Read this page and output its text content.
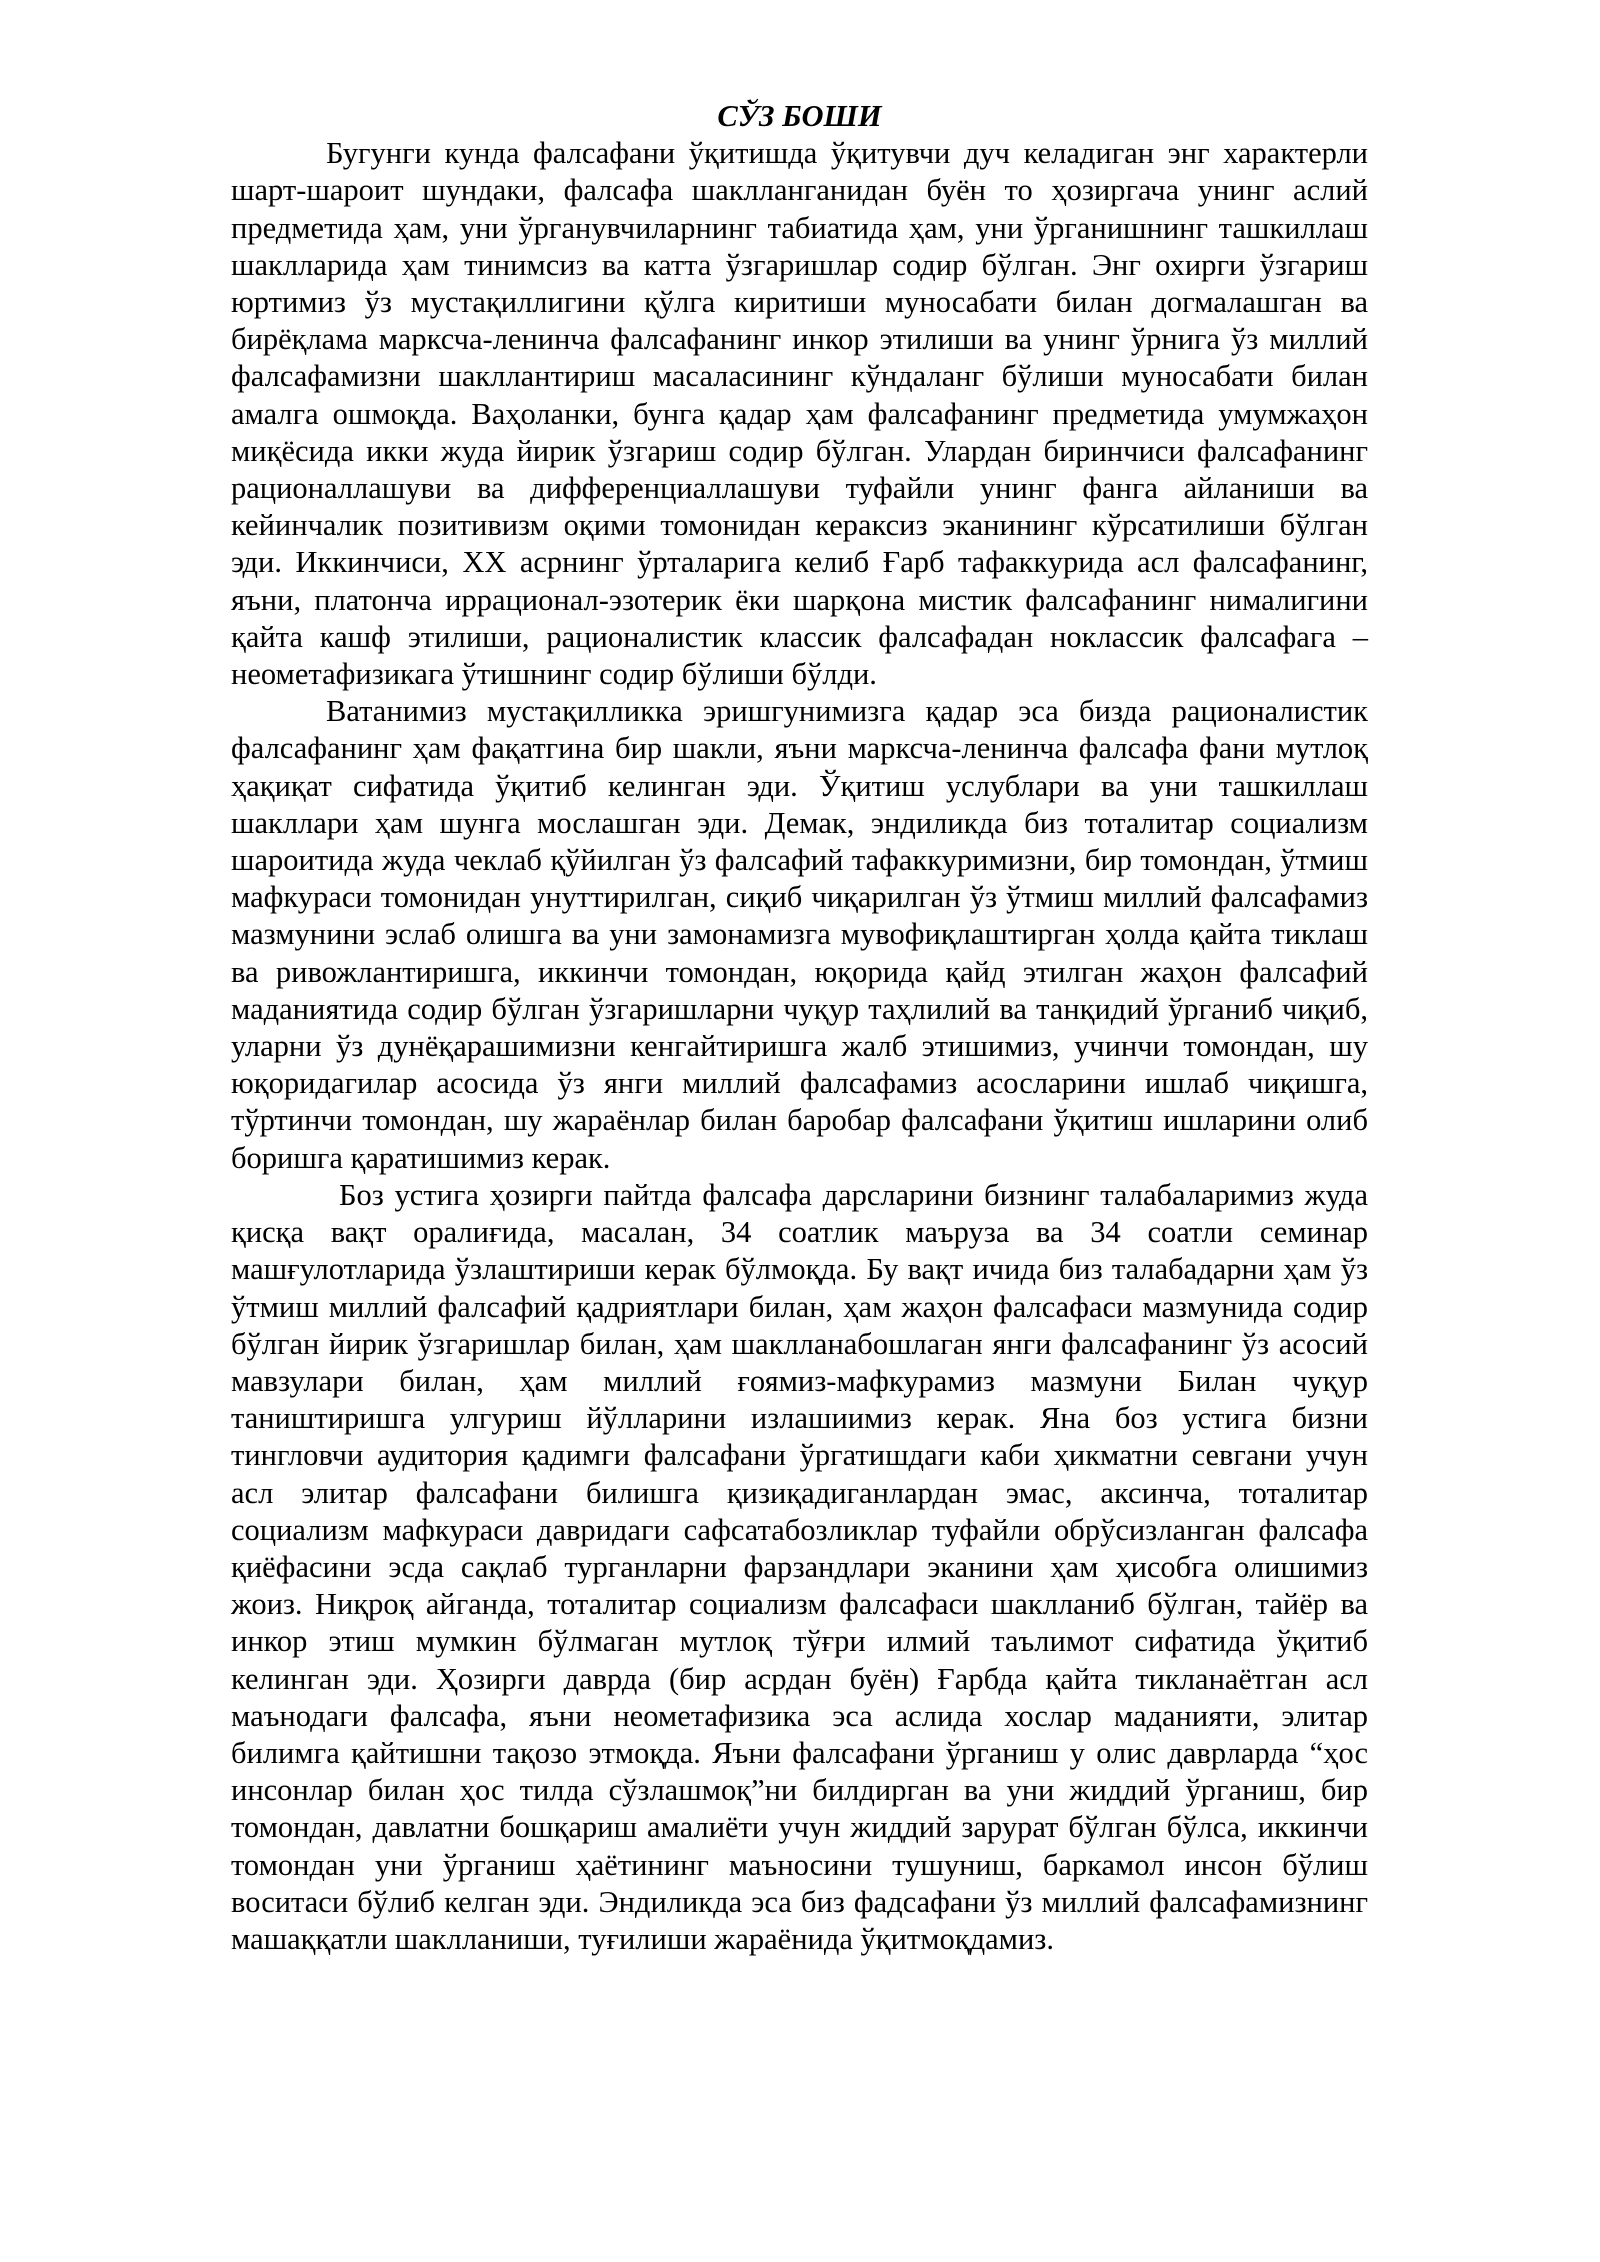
СЎЗ БОШИ

Бугунги кунда фалсафани ўқитишда ўқитувчи дуч келадиган энг характерли шарт-шароит шундаки, фалсафа шаклланганидан буён то ҳозиргача унинг аслий предметида ҳам, уни ўрганувчиларнинг табиатида ҳам, уни ўрганишнинг ташкиллаш шаклларида ҳам тинимсиз ва катта ўзгаришлар содир бўлган. Энг охирги ўзгариш юртимиз ўз мустақиллигини қўлга киритиши муносабати билан догмалашган ва бирёқлама марксча-ленинча фалсафанинг инкор этилиши ва унинг ўрнига ўз миллий фалсафамизни шакллантириш масаласининг кўндаланг бўлиши муносабати билан амалга ошмоқда. Ваҳоланки, бунга қадар ҳам фалсафанинг предметида умумжаҳон миқёсида икки жуда йирик ўзгариш содир бўлган. Улардан биринчиси фалсафанинг рационаллашуви ва дифференциаллашуви туфайли унинг фанга айланиши ва кейинчалик позитивизм оқими томонидан кераксиз эканининг кўрсатилиши бўлган эди. Иккинчиси, XX асрнинг ўрталарига келиб Ғарб тафаккурида асл фалсафанинг, яъни, платонча иррационал-эзотерик ёки шарқона мистик фалсафанинг нималигини қайта кашф этилиши, рационалистик классик фалсафадан ноклассик фалсафага – неометафизикага ўтишнинг содир бўлиши бўлди.

Ватанимиз мустақилликка эришгунимизга қадар эса бизда рационалистик фалсафанинг ҳам фақатгина бир шакли, яъни марксча-ленинча фалсафа фани мутлоқ ҳақиқат сифатида ўқитиб келинган эди. Ўқитиш услублари ва уни ташкиллаш шакллари ҳам шунга мослашган эди. Демак, эндиликда биз тоталитар социализм шароитида жуда чеклаб қўйилган ўз фалсафий тафаккуримизни, бир томондан, ўтмиш мафкураси томонидан унуттирилган, сиқиб чиқарилган ўз ўтмиш миллий фалсафамиз мазмунини эслаб олишга ва уни замонамизга мувофиқлаштирган ҳолда қайта тиклаш ва ривожлантиришга, иккинчи томондан, юқорида қайд этилган жаҳон фалсафий маданиятида содир бўлган ўзгаришларни чуқур таҳлилий ва танқидий ўрганиб чиқиб, уларни ўз дунёқарашимизни кенгайтиришга жалб этишимиз, учинчи томондан, шу юқоридагилар асосида ўз янги миллий фалсафамиз асосларини ишлаб чиқишга, тўртинчи томондан, шу жараёнлар билан баробар фалсафани ўқитиш ишларини олиб боришга қаратишимиз керак.

Боз устига ҳозирги пайтда фалсафа дарсларини бизнинг талабаларимиз жуда қисқа вақт оралиғида, масалан, 34 соатлик маъруза ва 34 соатли семинар машғулотларида ўзлаштириши керак бўлмоқда. Бу вақт ичида биз талабадарни ҳам ўз ўтмиш миллий фалсафий қадриятлари билан, ҳам жаҳон фалсафаси мазмунида содир бўлган йирик ўзгаришлар билан, ҳам шаклланабошлаган янги фалсафанинг ўз асосий мавзулари билан, ҳам миллий ғоямиз-мафкурамиз мазмуни Билан чуқур таништиришга улгуриш йўлларини излашиимиз керак. Яна боз устига бизни тингловчи аудитория қадимги фалсафани ўргатишдаги каби ҳикматни севгани учун асл элитар фалсафани билишга қизиқадиганлардан эмас, аксинча, тоталитар социализм мафкураси давридаги сафсатабозликлар туфайли обрўсизланган фалсафа қиёфасини эсда сақлаб турганларни фарзандлари эканини ҳам ҳисобга олишимиз жоиз. Ниқроқ айганда, тоталитар социализм фалсафаси шаклланиб бўлган, тайёр ва инкор этиш мумкин бўлмаган мутлоқ тўғри илмий таълимот сифатида ўқитиб келинган эди. Ҳозирги даврда (бир асрдан буён) Ғарбда қайта тикланаётган асл маънодаги фалсафа, яъни неометафизика эса аслида хослар маданияти, элитар билимга қайтишни тақозо этмоқда. Яъни фалсафани ўрганиш у олис даврларда “ҳос инсонлар билан ҳос тилда сўзлашмоқ”ни билдирган ва уни жиддий ўрганиш, бир томондан, давлатни бошқариш амалиёти учун жиддий зарурат бўлган бўлса, иккинчи томондан уни ўрганиш ҳаётининг маъносини тушуниш, баркамол инсон бўлиш воситаси бўлиб келган эди. Эндиликда эса биз фадсафани ўз миллий фалсафамизнинг машаққатли шаклланиши, туғилиши жараёнида ўқитмоқдамиз.
